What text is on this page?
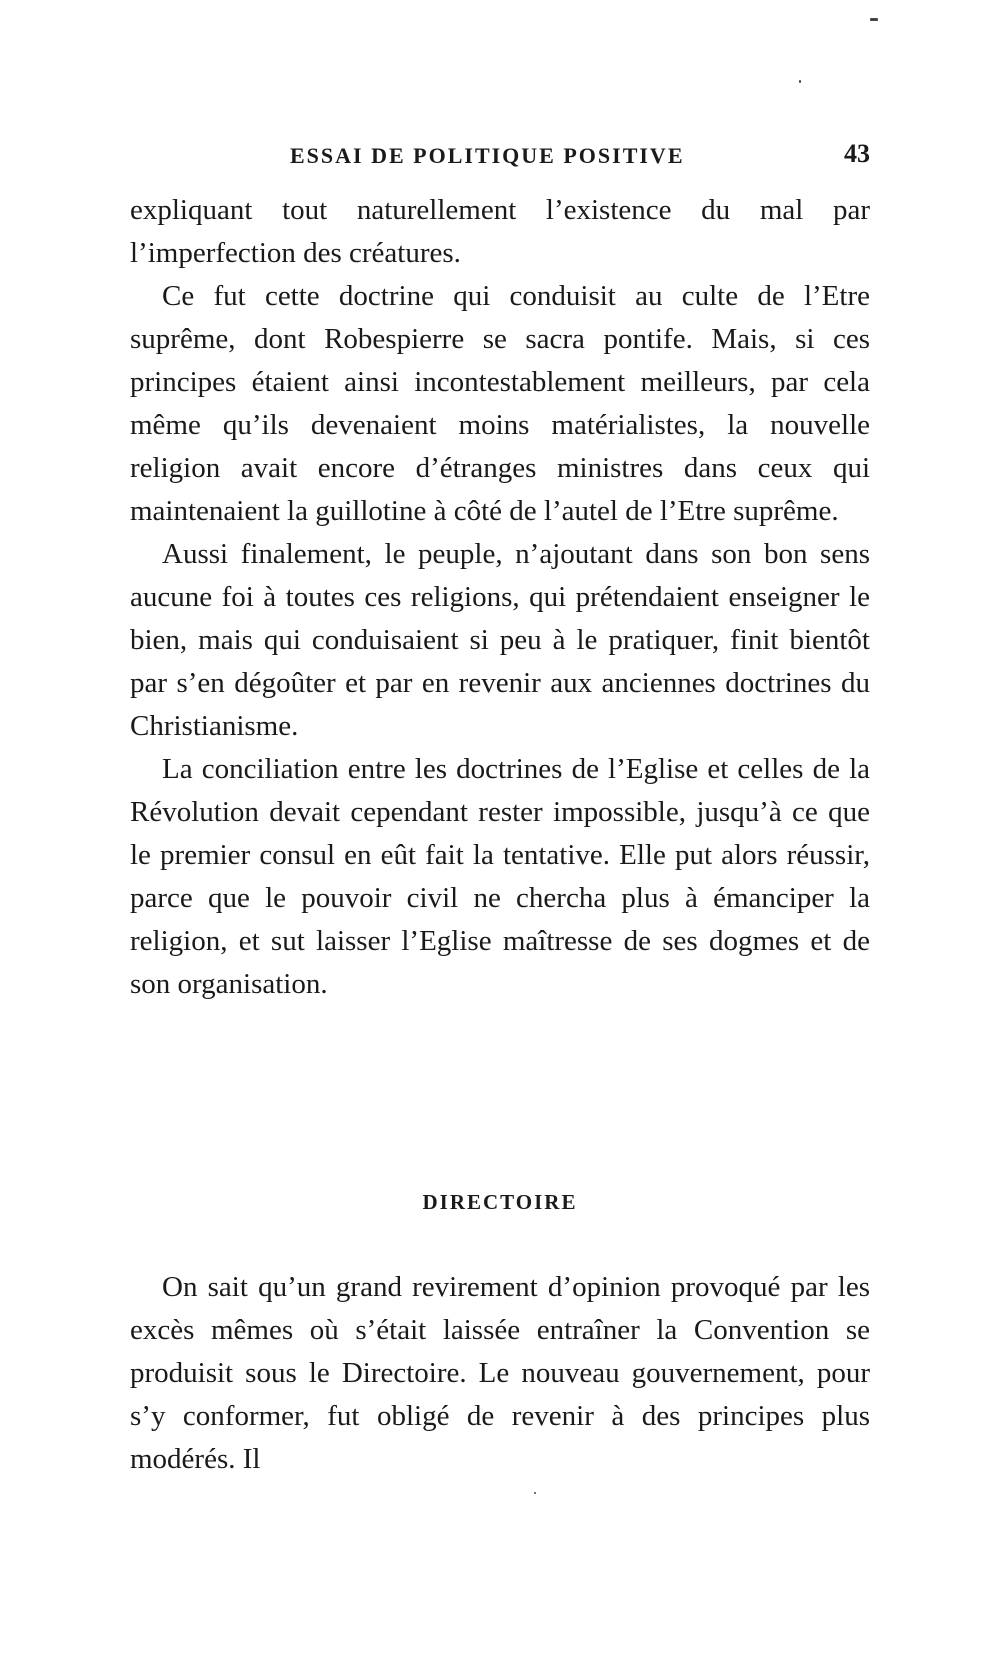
ESSAI DE POLITIQUE POSITIVE	43

expliquant tout naturellement l’existence du mal par l’imperfection des créatures.

Ce fut cette doctrine qui conduisit au culte de l’Etre suprême, dont Robespierre se sacra pontife. Mais, si ces principes étaient ainsi incontestablement meilleurs, par cela même qu’ils devenaient moins matérialistes, la nouvelle religion avait encore d’étranges ministres dans ceux qui maintenaient la guillotine à côté de l’autel de l’Etre suprême.

Aussi finalement, le peuple, n’ajoutant dans son bon sens aucune foi à toutes ces religions, qui prétendaient enseigner le bien, mais qui conduisaient si peu à le pratiquer, finit bientôt par s’en dégoûter et par en revenir aux anciennes doctrines du Christianisme.

La conciliation entre les doctrines de l’Eglise et celles de la Révolution devait cependant rester impossible, jusqu’à ce que le premier consul en eût fait la tentative. Elle put alors réussir, parce que le pouvoir civil ne chercha plus à émanciper la religion, et sut laisser l’Eglise maîtresse de ses dogmes et de son organisation.

DIRECTOIRE

On sait qu’un grand revirement d’opinion provoqué par les excès mêmes où s’était laissée entraîner la Convention se produisit sous le Directoire. Le nouveau gouvernement, pour s’y conformer, fut obligé de revenir à des principes plus modérés. Il
